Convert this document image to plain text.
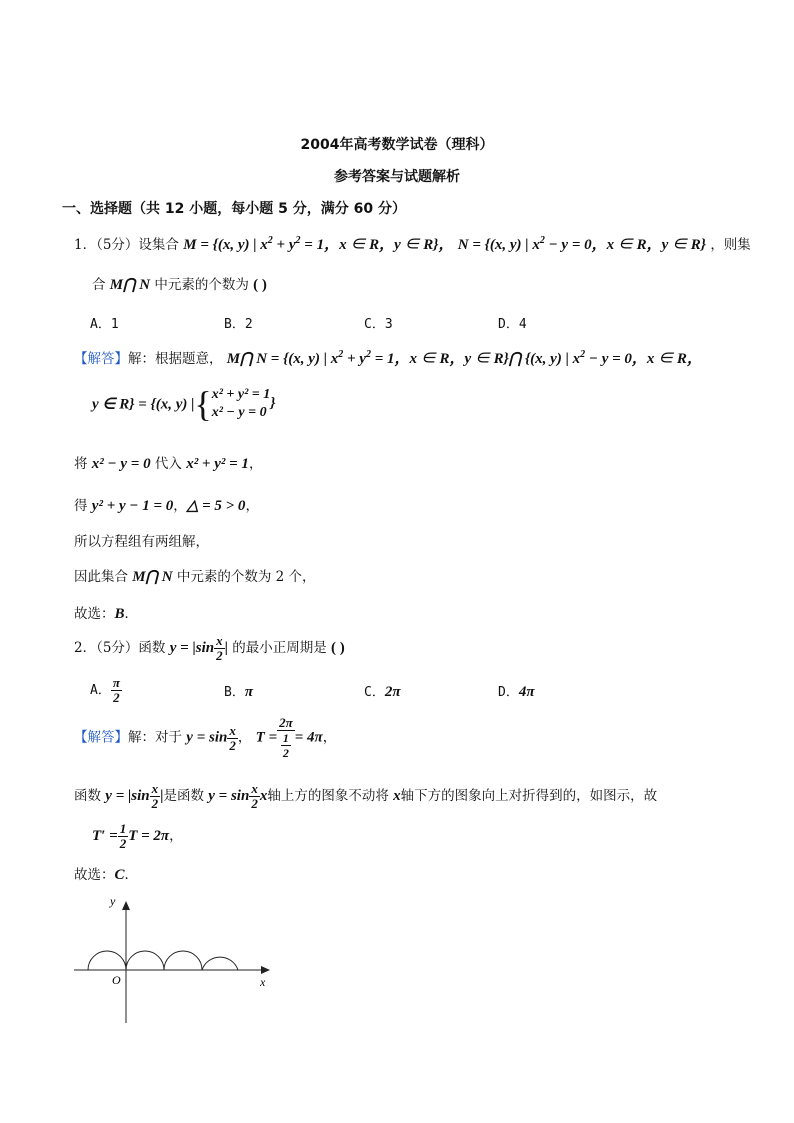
2004年高考数学试卷（理科）
参考答案与试题解析
一、选择题（共 12 小题，每小题 5 分，满分 60 分）
1．（5分）设集合 M = {(x, y) | $x^2 + y^2 = 1$，x ∈ R，y ∈ R}， N = {(x, y) | $x^2 - y = 0$，x ∈ R，y ∈ R} ，则集
合 M⋂ N 中元素的个数为 ( )
A．1	B．2	C．3	D．4
【解答】解：根据题意， M⋂ N = {(x, y) | $x^2 + y^2 = 1$，x ∈ R，y ∈ R}⋂ {(x, y) | $x^2 - y = 0$，x ∈ R，
y ∈ R} = {(x, y) |{ x² + y² = 1
x² − y = 0
}
将 x² − y = 0 代入 x² + y² = 1，
得 y² + y − 1 = 0，△ = 5 > 0，
所以方程组有两组解，
因此集合 M⋂ N 中元素的个数为 2 个，
故选：B．
2．（5分）函数 $y = |\sin \frac{x}{2}$ | 的最小正周期是 ( )
A． $\frac{\pi}{2}$	B．π	C．2π	D．4π
【解答】解：对于 $y = \sin \frac{x}{2}$ ， $T = \frac{2\pi}{\frac{1}{2}} = 4\pi$，
函数 $y = |\sin \frac{x}{2}$ |是函数 $y = \sin \frac{x}{2}$ x轴上方的图象不动将 x轴下方的图象向上对折得到的，如图示，故
$T' = \frac{1}{2}$ T = 2π，
故选：C．
y
x
O
